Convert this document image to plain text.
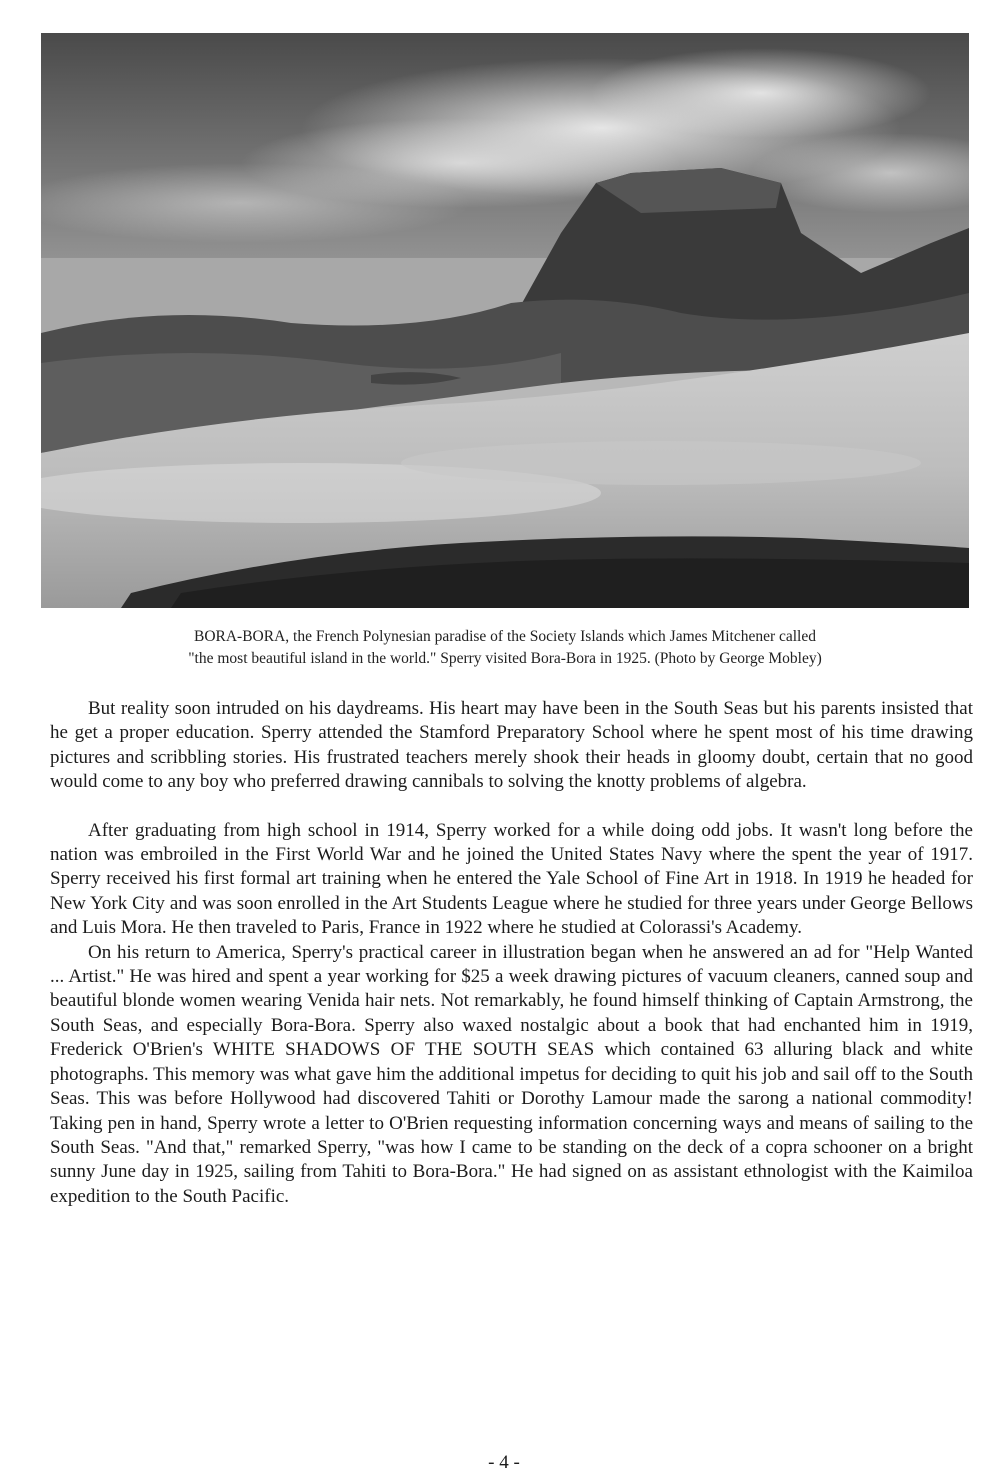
BORA-BORA, the French Polynesian paradise of the Society Islands which James Mitchener called
"the most beautiful island in the world." Sperry visited Bora-Bora in 1925. (Photo by George Mobley)

But reality soon intruded on his daydreams. His heart may have been in the South Seas but his parents insisted that he get a proper education. Sperry attended the Stamford Preparatory School where he spent most of his time drawing pictures and scribbling stories. His frustrated teachers merely shook their heads in gloomy doubt, certain that no good would come to any boy who preferred drawing cannibals to solving the knotty problems of algebra.

After graduating from high school in 1914, Sperry worked for a while doing odd jobs. It wasn't long before the nation was embroiled in the First World War and he joined the United States Navy where the spent the year of 1917. Sperry received his first formal art training when he entered the Yale School of Fine Art in 1918. In 1919 he headed for New York City and was soon enrolled in the Art Students League where he studied for three years under George Bellows and Luis Mora. He then traveled to Paris, France in 1922 where he studied at Colorassi's Academy.

On his return to America, Sperry's practical career in illustration began when he answered an ad for "Help Wanted ... Artist." He was hired and spent a year working for $25 a week drawing pictures of vacuum cleaners, canned soup and beautiful blonde women wearing Venida hair nets. Not remarkably, he found himself thinking of Captain Armstrong, the South Seas, and especially Bora-Bora. Sperry also waxed nostalgic about a book that had enchanted him in 1919, Frederick O'Brien's WHITE SHADOWS OF THE SOUTH SEAS which contained 63 alluring black and white photographs. This memory was what gave him the additional impetus for deciding to quit his job and sail off to the South Seas. This was before Hollywood had discovered Tahiti or Dorothy Lamour made the sarong a national commodity! Taking pen in hand, Sperry wrote a letter to O'Brien requesting information concerning ways and means of sailing to the South Seas. "And that," remarked Sperry, "was how I came to be standing on the deck of a copra schooner on a bright sunny June day in 1925, sailing from Tahiti to Bora-Bora." He had signed on as assistant ethnologist with the Kaimiloa expedition to the South Pacific.

- 4 -
